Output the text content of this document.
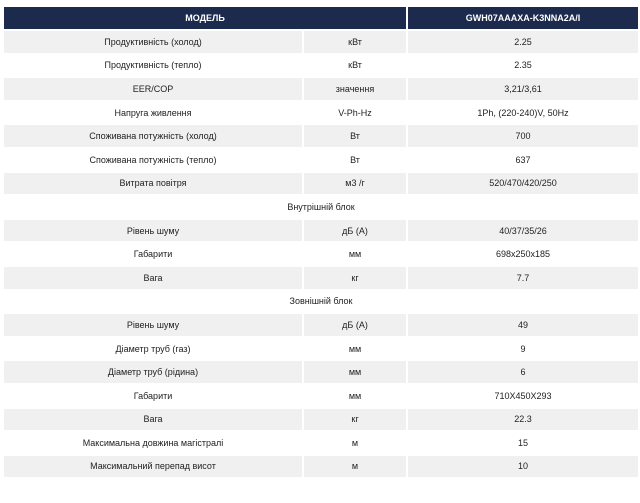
МОДЕЛЬ		GWH07AAAXA-K3NNA2A/I
Продуктивність (холод)	кВт	2.25
Продуктивність (тепло)	кВт	2.35
EER/COP	значення	3,21/3,61
Напруга живлення	V-Ph-Hz	1Ph, (220-240)V, 50Hz
Споживана потужність (холод)	Вт	700
Споживана потужність (тепло)	Вт	637
Витрата повітря	м3 /г	520/470/420/250
Внутрішній блок		
Рівень шуму	дБ (А)	40/37/35/26
Габарити	мм	698x250x185
Вага	кг	7.7
Зовнішній блок		
Рівень шуму	дБ (А)	49
Діаметр труб (газ)	мм	9
Діаметр труб (рідина)	мм	6
Габарити	мм	710X450X293
Вага	кг	22.3
Максимальна довжина магістралі	м	15
Максимальний перепад висот	м	10
